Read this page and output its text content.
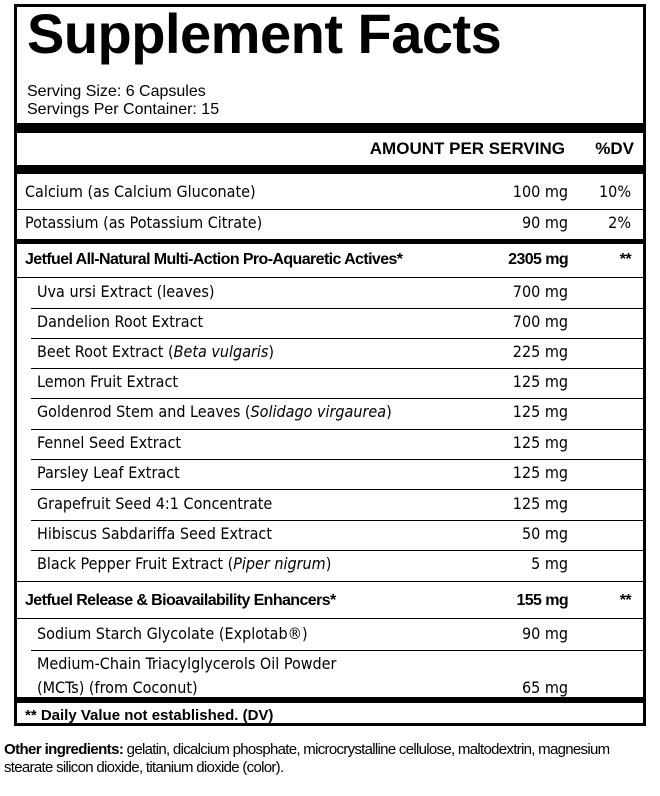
Supplement Facts
Serving Size: 6 Capsules
Servings Per Container: 15
AMOUNT PER SERVING %DV
Calcium (as Calcium Gluconate)	100 mg 10%
Potassium (as Potassium Citrate)	90 mg	2%
Jetfuel All-Natural Multi-Action Pro-Aquaretic Actives*	2305 mg	**
Uva ursi Extract (leaves)	700 mg
Dandelion Root Extract	700 mg
Beet Root Extract (Beta vulgaris)	225 mg
Lemon Fruit Extract	125 mg
Goldenrod Stem and Leaves (Solidago virgaurea)	125 mg
Fennel Seed Extract	125 mg
Parsley Leaf Extract	125 mg
Grapefruit Seed 4:1 Concentrate	125 mg
Hibiscus Sabdariffa Seed Extract	50 mg
Black Pepper Fruit Extract (Piper nigrum)	5 mg
Jetfuel Release & Bioavailability Enhancers*	155 mg	**
Sodium Starch Glycolate (Explotab®)	90 mg
Medium-Chain Triacylglycerols Oil Powder
(MCTs) (from Coconut)	65 mg
** Daily Value not established. (DV)
Other ingredients: gelatin, dicalcium phosphate, microcrystalline cellulose, maltodextrin, magnesium stearate silicon dioxide, titanium dioxide (color).
